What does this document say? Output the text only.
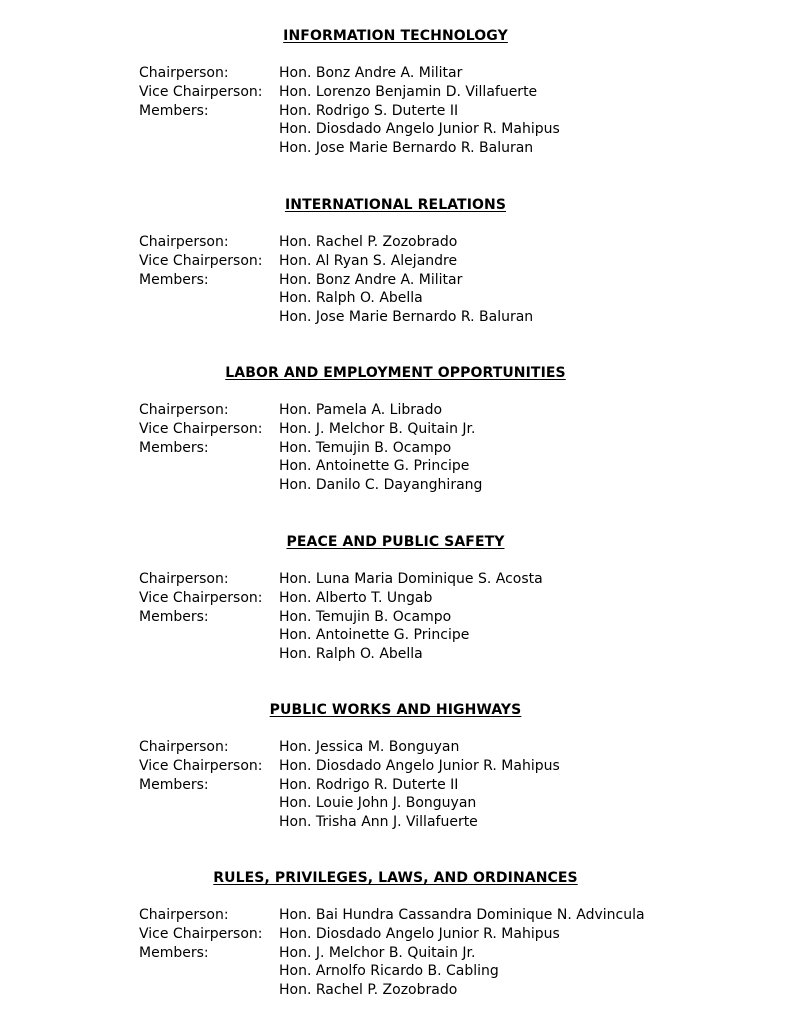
INFORMATION TECHNOLOGY
Chairperson:	Hon. Bonz Andre A. Militar
Vice Chairperson: Hon. Lorenzo Benjamin D. Villafuerte
Members:	Hon. Rodrigo S. Duterte II
Hon. Diosdado Angelo Junior R. Mahipus
Hon. Jose Marie Bernardo R. Baluran
INTERNATIONAL RELATIONS
Chairperson:	Hon. Rachel P. Zozobrado
Vice Chairperson: Hon. Al Ryan S. Alejandre
Members:	Hon. Bonz Andre A. Militar
Hon. Ralph O. Abella
Hon. Jose Marie Bernardo R. Baluran
LABOR AND EMPLOYMENT OPPORTUNITIES
Chairperson:	Hon. Pamela A. Librado
Vice Chairperson: Hon. J. Melchor B. Quitain Jr.
Members:	Hon. Temujin B. Ocampo
Hon. Antoinette G. Principe
Hon. Danilo C. Dayanghirang
PEACE AND PUBLIC SAFETY
Chairperson:	Hon. Luna Maria Dominique S. Acosta
Vice Chairperson: Hon. Alberto T. Ungab
Members:	Hon. Temujin B. Ocampo
Hon. Antoinette G. Principe
Hon. Ralph O. Abella
PUBLIC WORKS AND HIGHWAYS
Chairperson:	Hon. Jessica M. Bonguyan
Vice Chairperson: Hon. Diosdado Angelo Junior R. Mahipus
Members:	Hon. Rodrigo R. Duterte II
Hon. Louie John J. Bonguyan
Hon. Trisha Ann J. Villafuerte
RULES, PRIVILEGES, LAWS, AND ORDINANCES
Chairperson:	Hon. Bai Hundra Cassandra Dominique N. Advincula
Vice Chairperson: Hon. Diosdado Angelo Junior R. Mahipus
Members:	Hon. J. Melchor B. Quitain Jr.
Hon. Arnolfo Ricardo B. Cabling
Hon. Rachel P. Zozobrado
